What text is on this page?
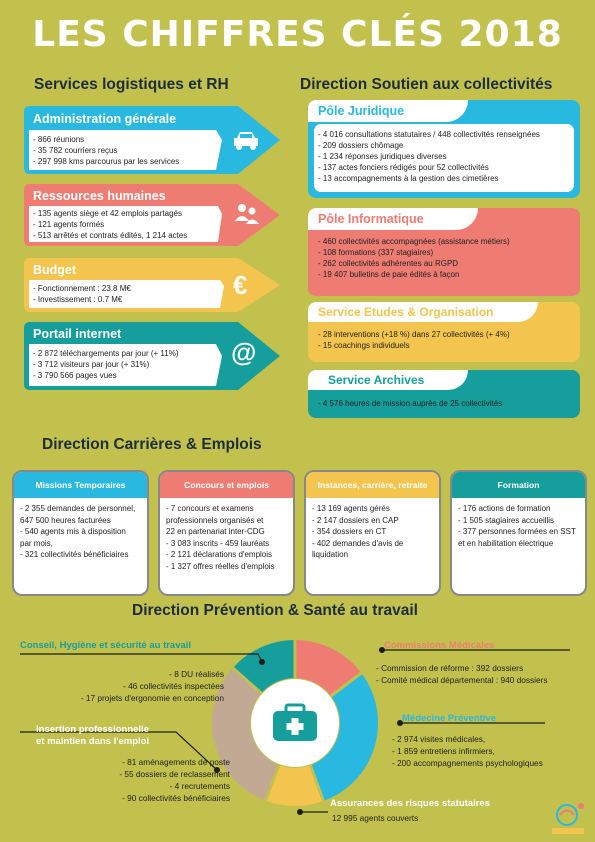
LES CHIFFRES CLÉS 2018
Services logistiques et RH
Administration générale
- 866 réunions
- 35 782 courriers reçus
- 297 998 kms parcourus par les services
Ressources humaines
- 135 agents siège et 42 emplois partagés
- 121 agents formés
- 513 arrêtés et contrats édités, 1 214 actes
Budget
- Fonctionnement : 23.8 M€
- Investissement : 0.7 M€	€
Portail internet
- 2 872 téléchargements par jour (+ 11%)
- 3 712 visiteurs par jour (+ 31%)
- 3 790 566 pages vues
@
Direction Soutien aux collectivités
Pôle Juridique
- 4 016 consultations statutaires / 448 collectivités renseignées
- 209 dossiers chômage
- 1 234 réponses juridiques diverses
- 137 actes fonciers rédigés pour 52 collectivités
- 13 accompagnements à la gestion des cimetières
Pôle Informatique
- 460 collectivités accompagnées (assistance métiers)
- 108 formations (337 stagiaires)
- 262 collectivités adhérentes au RGPD
- 19 407 bulletins de paie édités à façon
Service Etudes & Organisation
- 28 interventions (+18 %) dans 27 collectivités (+ 4%)
- 15 coachings individuels
Service Archives
- 4 576 heures de mission auprès de 25 collectivités
Direction Carrières & Emplois
Missions Temporaires
- 2 355 demandes de personnel,
647 500 heures facturées
- 540 agents mis à disposition
par mois,
- 321 collectivités bénéficiaires
Concours et emplois
- 7 concours et examens
professionnels organisés et
22 en partenariat inter-CDG
- 3 083 inscrits - 459 lauréats
- 2 121 déclarations d'emplois
- 1 327 offres réelles d'emplois
Instances, carrière, retraite
- 13 169 agents gérés
- 2 147 dossiers en CAP
- 354 dossiers en CT
- 402 demandes d'avis de
liquidation
Formation
- 176 actions de formation
- 1 505 stagiaires accueillis
- 377 personnes formées en SST
et en habilitation électrique
Direction Prévention & Santé au travail
Conseil, Hygiène et sécurité au travail
- 8 DU réalisés
- 46 collectivités inspectées
- 17 projets d'ergonomie en conception
Insertion professionnelle
et maintien dans l'emploi
- 81 aménagements de poste
- 55 dossiers de reclassement
- 4 recrutements
- 90 collectivités bénéficiaires
Commissions Médicales
- Commission de réforme : 392 dossiers
- Comité médical départemental : 940 dossiers
Médecine Préventive
- 2 974 visites médicales,
- 1 859 entretiens infirmiers,
- 200 accompagnements psychologiques
Assurances des risques statutaires
12 995 agents couverts
